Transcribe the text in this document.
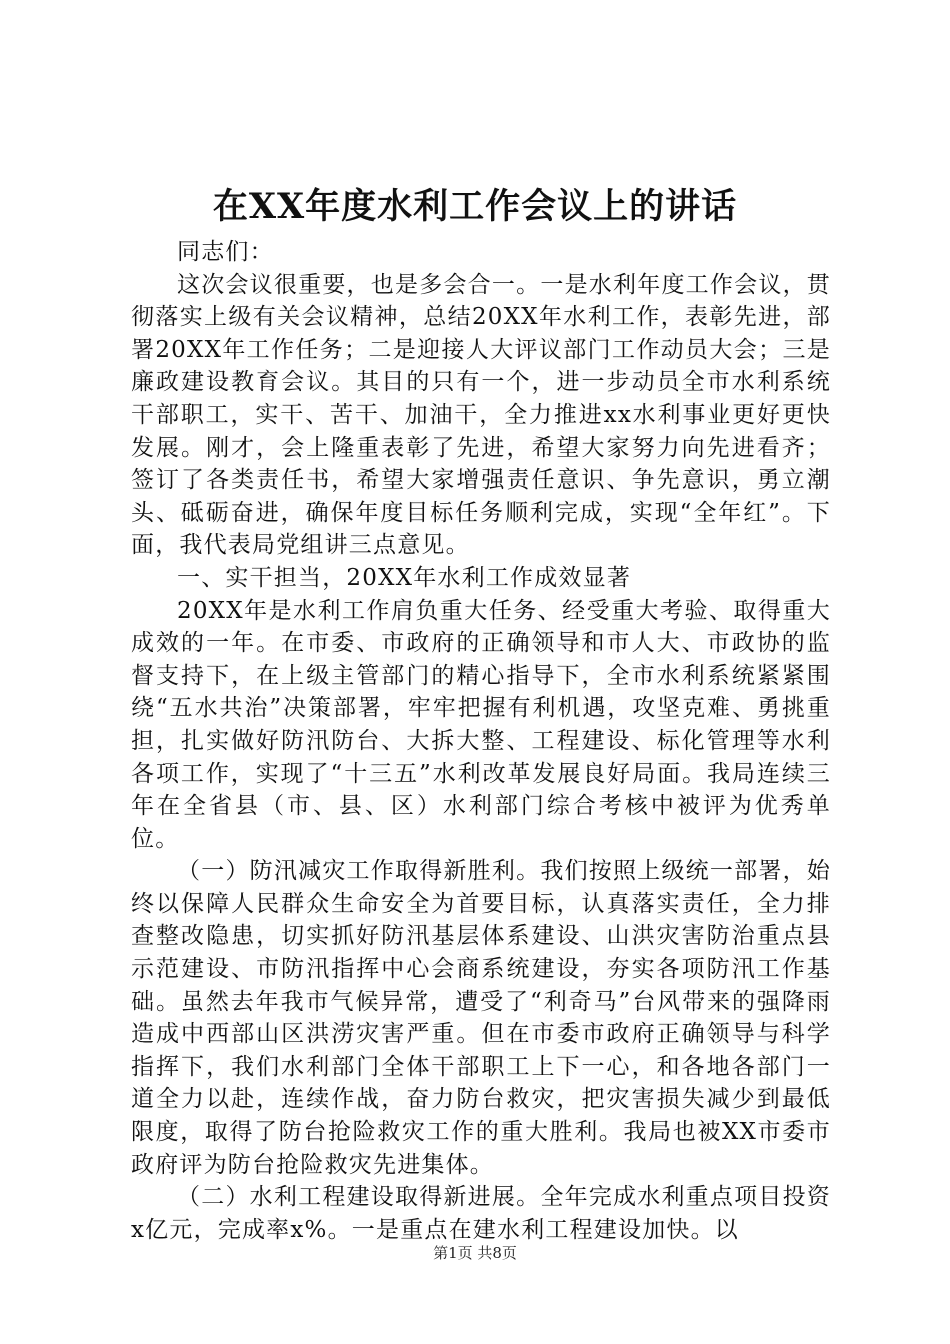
在XX年度水利工作会议上的讲话

同志们：

这次会议很重要，也是多会合一。一是水利年度工作会议，贯彻落实上级有关会议精神，总结20XX年水利工作，表彰先进，部署20XX年工作任务；二是迎接人大评议部门工作动员大会；三是廉政建设教育会议。其目的只有一个，进一步动员全市水利系统干部职工，实干、苦干、加油干，全力推进xx水利事业更好更快发展。刚才，会上隆重表彰了先进，希望大家努力向先进看齐；签订了各类责任书，希望大家增强责任意识、争先意识，勇立潮头、砥砺奋进，确保年度目标任务顺利完成，实现“全年红”。下面，我代表局党组讲三点意见。

一、实干担当，20XX年水利工作成效显著

20XX年是水利工作肩负重大任务、经受重大考验、取得重大成效的一年。在市委、市政府的正确领导和市人大、市政协的监督支持下，在上级主管部门的精心指导下，全市水利系统紧紧围绕“五水共治”决策部署，牢牢把握有利机遇，攻坚克难、勇挑重担，扎实做好防汛防台、大拆大整、工程建设、标化管理等水利各项工作，实现了“十三五”水利改革发展良好局面。我局连续三年在全省县（市、县、区）水利部门综合考核中被评为优秀单位。

（一）防汛减灾工作取得新胜利。我们按照上级统一部署，始终以保障人民群众生命安全为首要目标，认真落实责任，全力排查整改隐患，切实抓好防汛基层体系建设、山洪灾害防治重点县示范建设、市防汛指挥中心会商系统建设，夯实各项防汛工作基础。虽然去年我市气候异常，遭受了“利奇马”台风带来的强降雨造成中西部山区洪涝灾害严重。但在市委市政府正确领导与科学指挥下，我们水利部门全体干部职工上下一心，和各地各部门一道全力以赴，连续作战，奋力防台救灾，把灾害损失减少到最低限度，取得了防台抢险救灾工作的重大胜利。我局也被XX市委市政府评为防台抢险救灾先进集体。

（二）水利工程建设取得新进展。全年完成水利重点项目投资x亿元，完成率x%。一是重点在建水利工程建设加快。以

第1页 共8页
